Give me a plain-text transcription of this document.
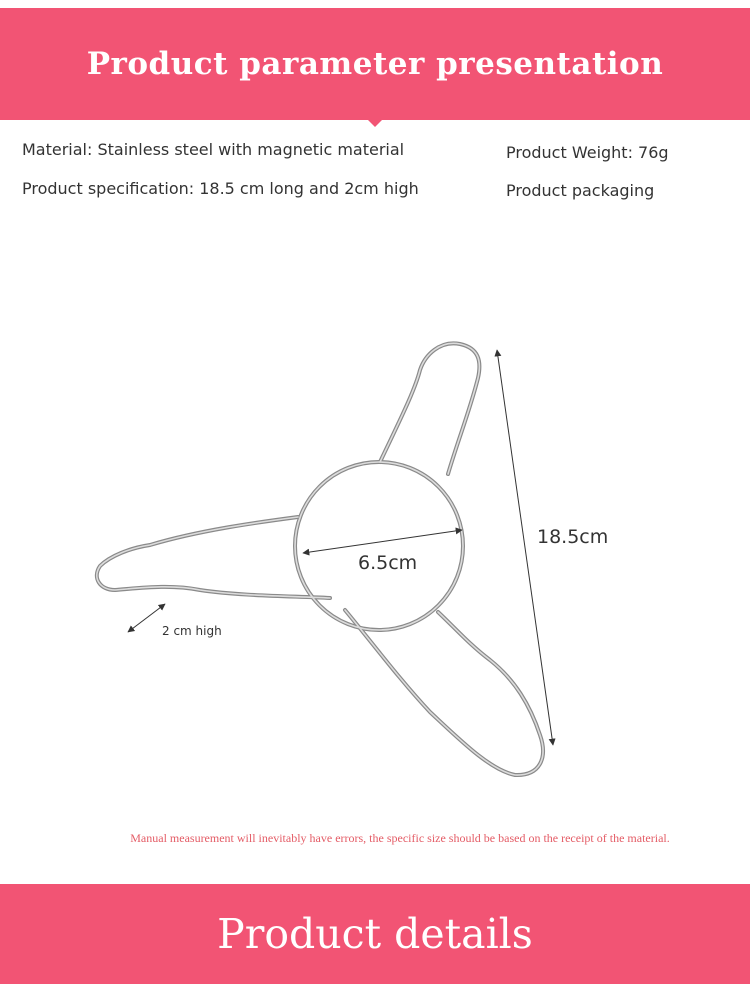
Product parameter presentation
Material: Stainless steel with magnetic material
Product specification: 18.5 cm long and 2cm high
Product Weight: 76g
Product packaging
18.5cm
6.5cm
2 cm high
Manual measurement will inevitably have errors, the specific size should be based on the receipt of the material.
Product details
